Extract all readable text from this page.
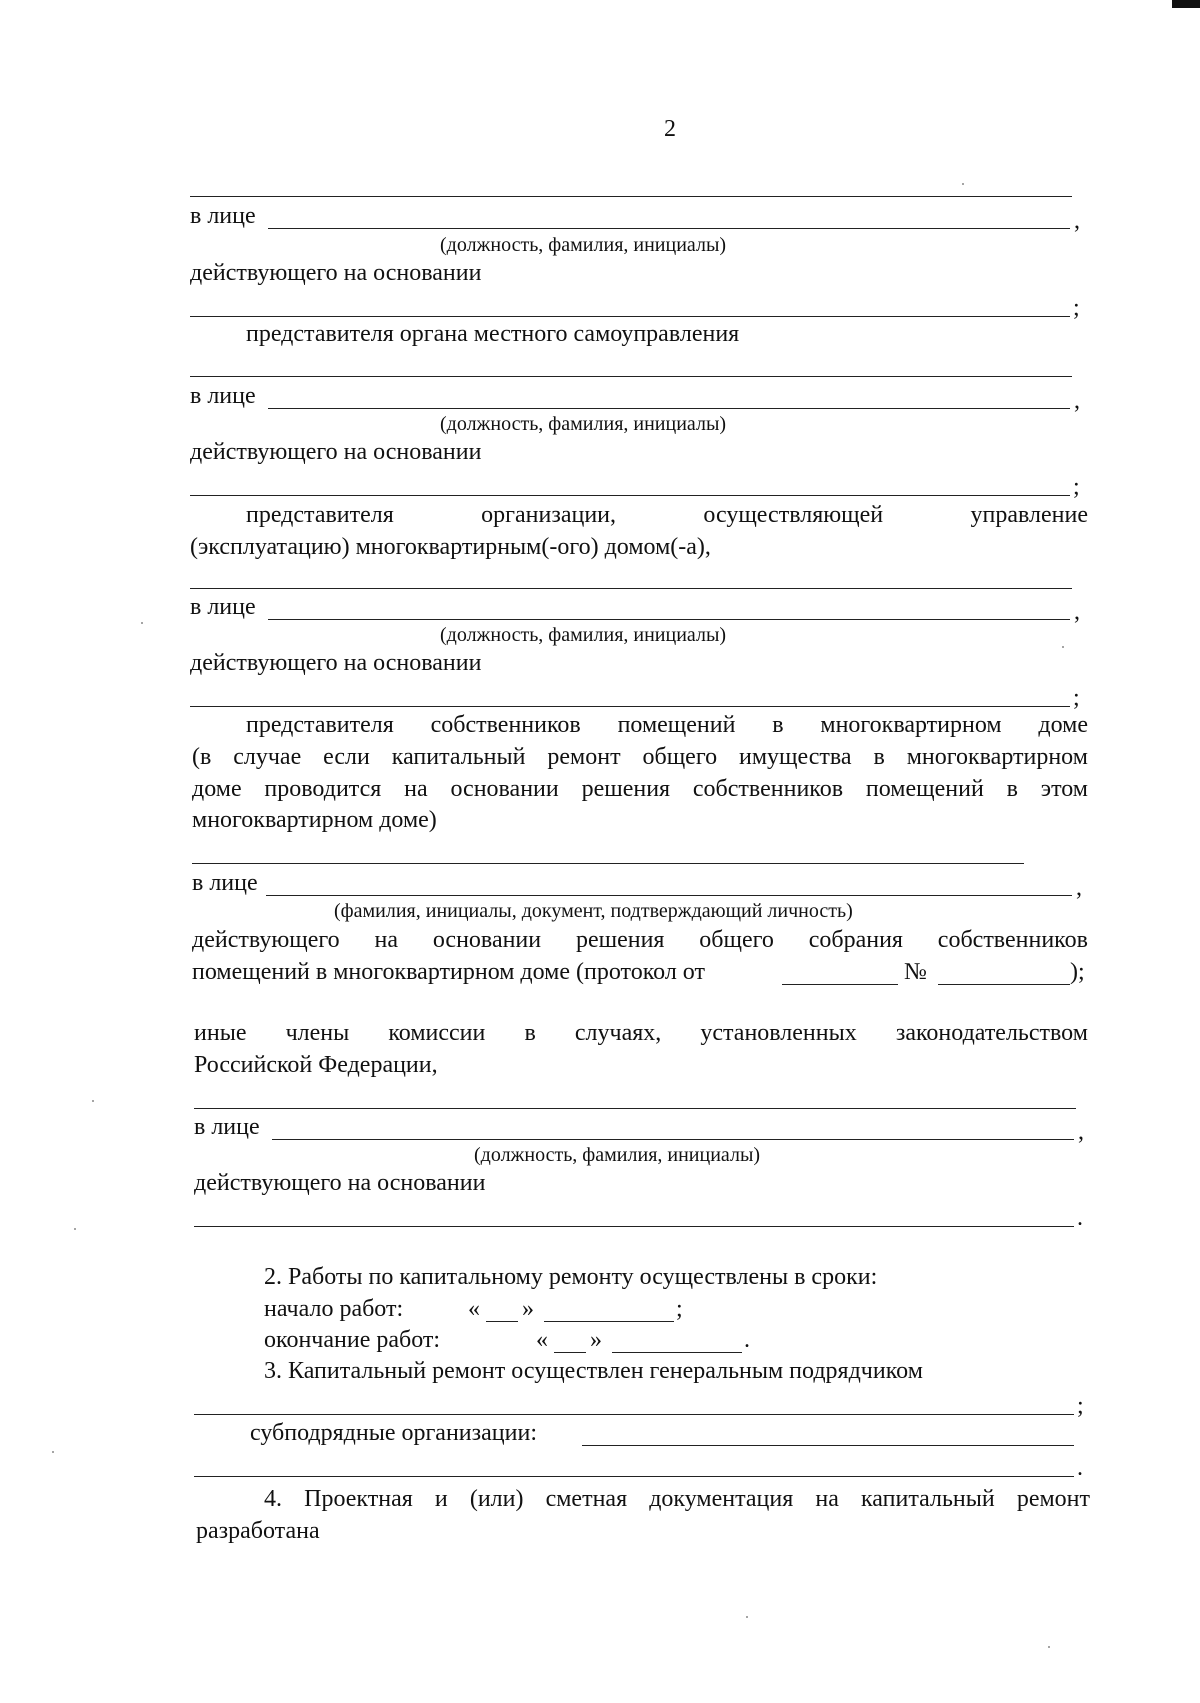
2
в лице	,
(должность, фамилия, инициалы)
действующего на основании
;
представителя органа местного самоуправления
в лице	,
(должность, фамилия, инициалы)
действующего на основании
;
представителя	организации,	осуществляющей	управление
(эксплуатацию) многоквартирным(-ого) домом(-а),
в лице	,
(должность, фамилия, инициалы)
действующего на основании
;
представителя собственников помещений в многоквартирном доме
(в случае если капитальный ремонт общего имущества в многоквартирном
доме проводится на основании решения собственников помещений в этом
многоквартирном доме)
в лице	,
(фамилия, инициалы, документ, подтверждающий личность)
действующего на основании решения общего собрания собственников
помещений в многоквартирном доме (протокол от	№	);
иные члены комиссии в случаях, установленных законодательством
Российской Федерации,
в лице	,
(должность, фамилия, инициалы)
действующего на основании
.
2. Работы по капитальному ремонту осуществлены в сроки:
начало работ:	« »	;
окончание работ:	« »	.
3. Капитальный ремонт осуществлен генеральным подрядчиком
;
субподрядные организации:
.
4. Проектная и (или) сметная документация на капитальный ремонт
разработана
